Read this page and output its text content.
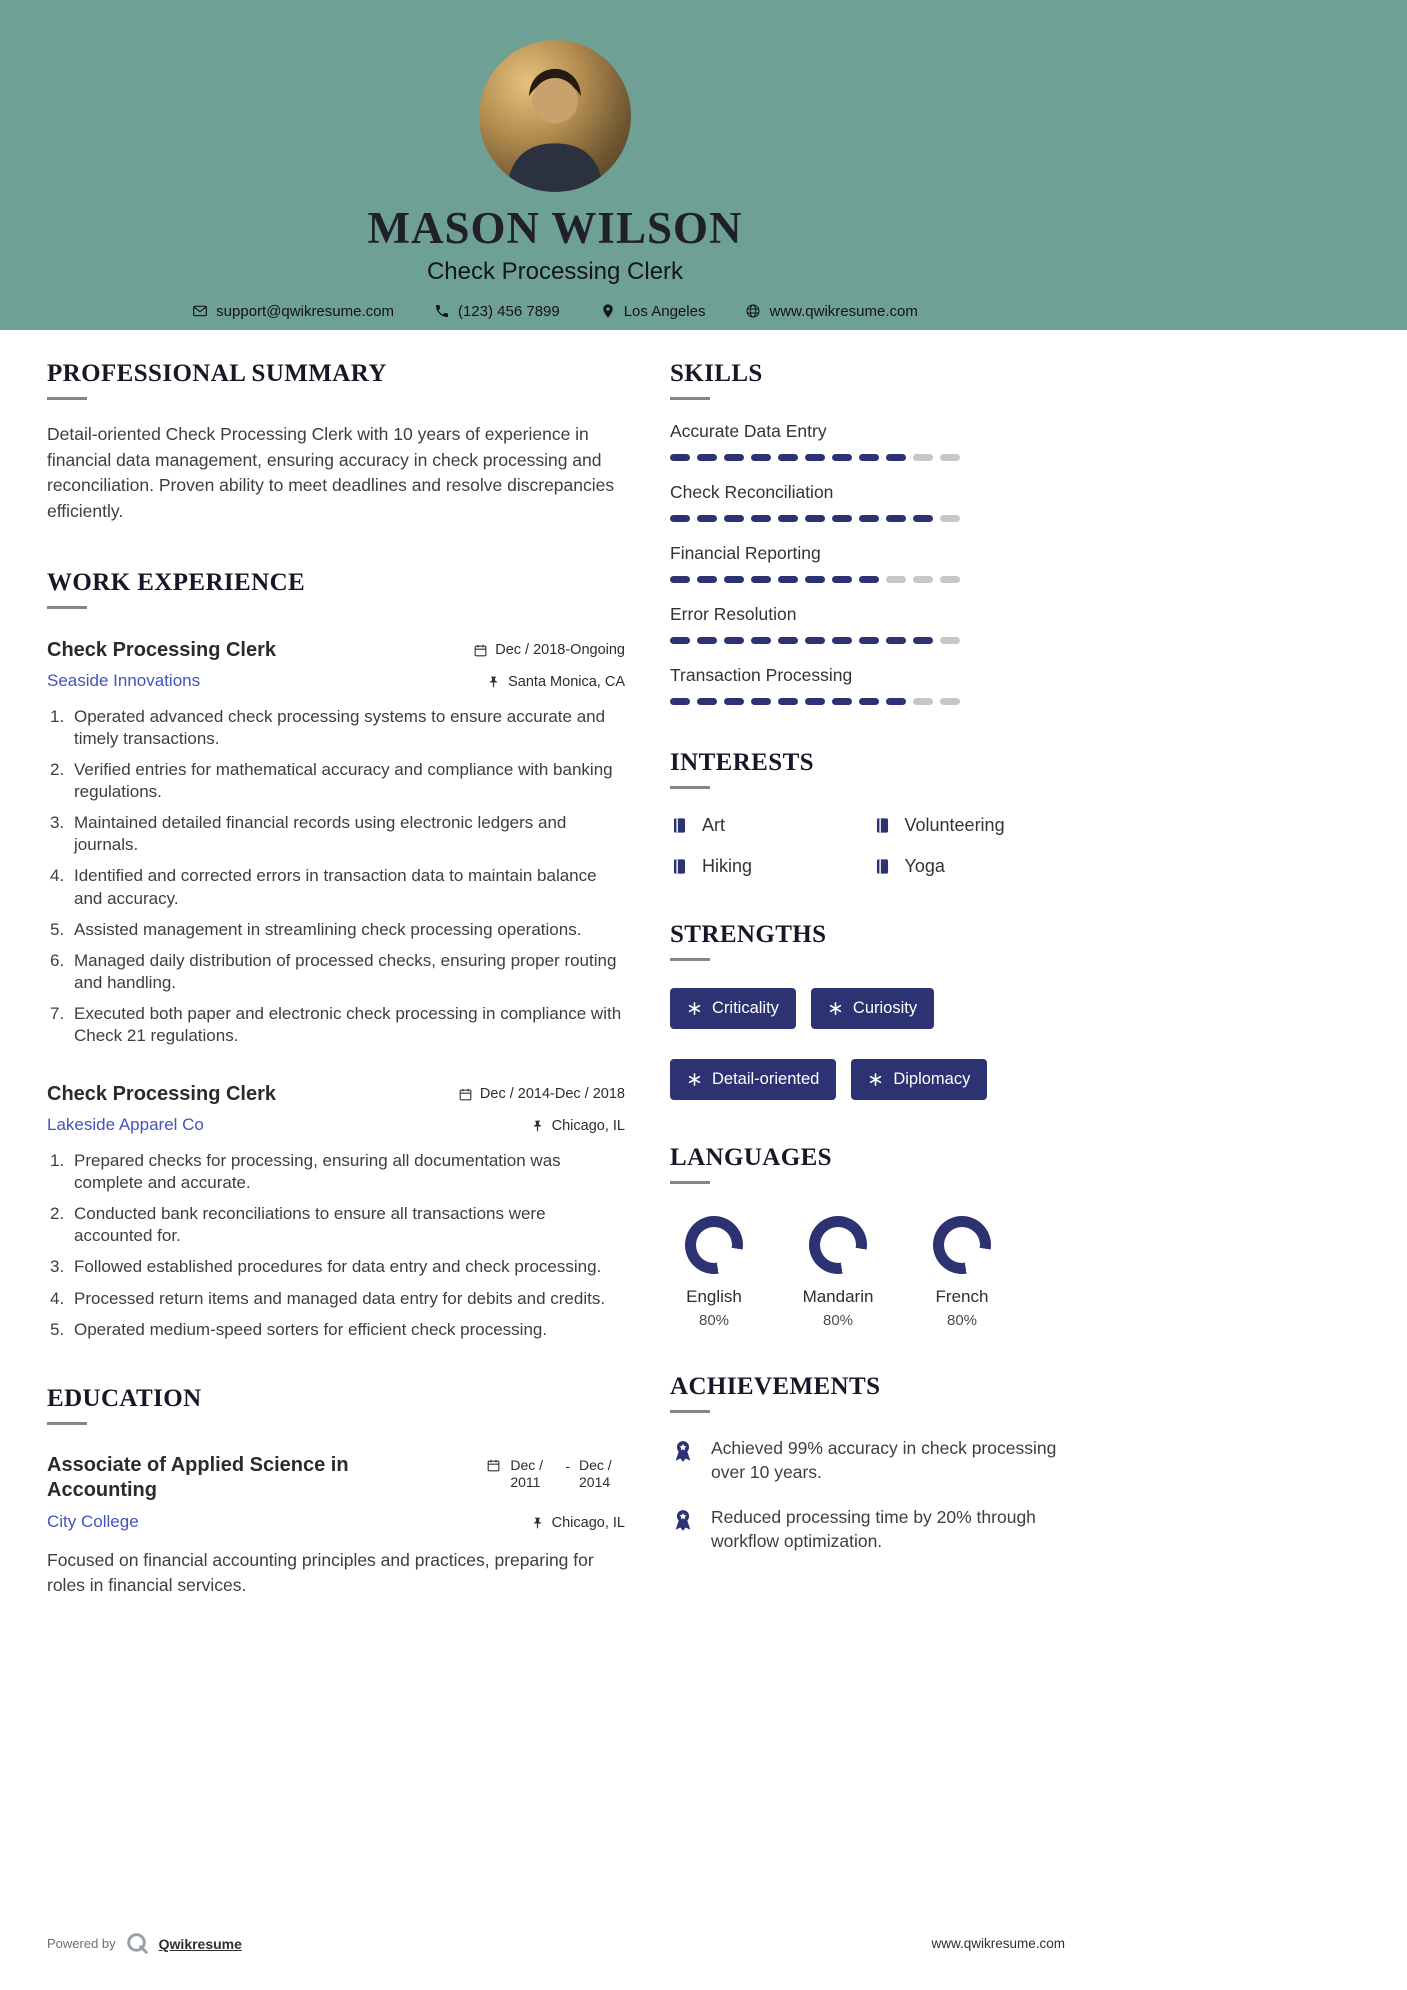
MASON WILSON
Check Processing Clerk
support@qwikresume.com	(123) 456 7899	Los Angeles	www.qwikresume.com
PROFESSIONAL SUMMARY

Detail-oriented Check Processing Clerk with 10 years of experience in financial data management, ensuring accuracy in check processing and reconciliation. Proven ability to meet deadlines and resolve discrepancies efficiently.

WORK EXPERIENCE
Check Processing Clerk	Dec / 2018-Ongoing
Seaside Innovations	Santa Monica, CA
Operated advanced check processing systems to ensure accurate and timely transactions.
Verified entries for mathematical accuracy and compliance with banking regulations.
Maintained detailed financial records using electronic ledgers and journals.
Identified and corrected errors in transaction data to maintain balance and accuracy.
Assisted management in streamlining check processing operations.
Managed daily distribution of processed checks, ensuring proper routing and handling.
Executed both paper and electronic check processing in compliance with Check 21 regulations.
Check Processing Clerk	Dec / 2014-Dec / 2018
Lakeside Apparel Co	Chicago, IL
Prepared checks for processing, ensuring all documentation was complete and accurate.
Conducted bank reconciliations to ensure all transactions were accounted for.
Followed established procedures for data entry and check processing.
Processed return items and managed data entry for debits and credits.
Operated medium-speed sorters for efficient check processing.
EDUCATION
Associate of Applied Science in Accounting
Dec / 2011
- Dec / 2014
City College	Chicago, IL

Focused on financial accounting principles and practices, preparing for roles in financial services.

SKILLS
Accurate Data Entry
Check Reconciliation
Financial Reporting
Error Resolution
Transaction Processing
INTERESTS
Art	Volunteering
Hiking	Yoga
STRENGTHS
Criticality	Curiosity
Detail-oriented	Diplomacy
LANGUAGES
English
80%
Mandarin
80%
French
80%
ACHIEVEMENTS
Achieved 99% accuracy in check processing over 10 years.
Reduced processing time by 20% through workflow optimization.
Powered by	Qwikresume	www.qwikresume.com
